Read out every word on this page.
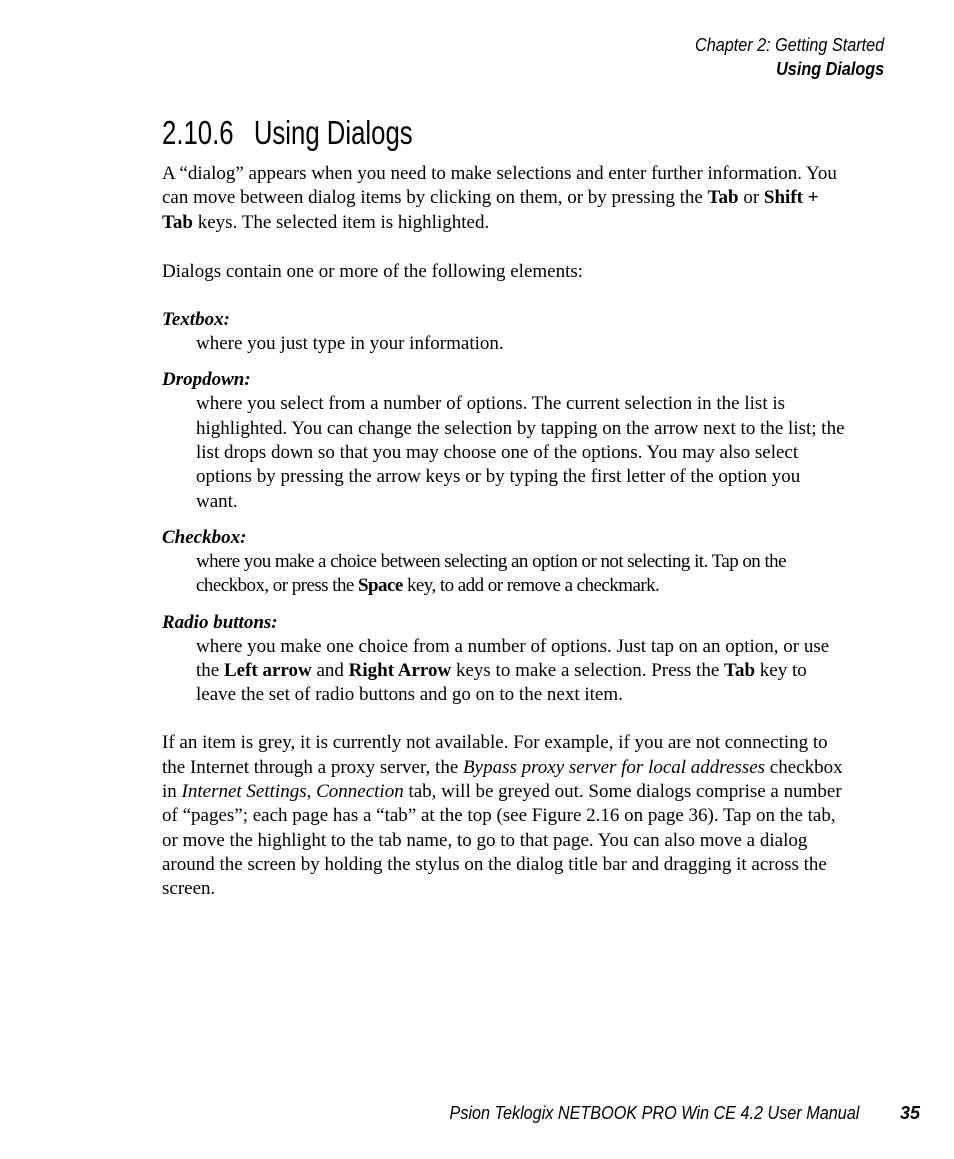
Chapter 2: Getting Started
Using Dialogs
2.10.6 Using Dialogs

A “dialog” appears when you need to make selections and enter further information. You can move between dialog items by clicking on them, or by pressing the Tab or Shift + Tab keys. The selected item is highlighted.

Dialogs contain one or more of the following elements:

Textbox:
where you just type in your information.
Dropdown:
where you select from a number of options. The current selection in the list is highlighted. You can change the selection by tapping on the arrow next to the list; the list drops down so that you may choose one of the options. You may also select options by pressing the arrow keys or by typing the first letter of the option you want.
Checkbox:
where you make a choice between selecting an option or not selecting it. Tap on the checkbox, or press the Space key, to add or remove a checkmark.
Radio buttons:
where you make one choice from a number of options. Just tap on an option, or use the Left arrow and Right Arrow keys to make a selection. Press the Tab key to leave the set of radio buttons and go on to the next item.

If an item is grey, it is currently not available. For example, if you are not connecting to the Internet through a proxy server, the Bypass proxy server for local addresses checkbox in Internet Settings, Connection tab, will be greyed out. Some dialogs comprise a number of “pages”; each page has a “tab” at the top (see Figure 2.16 on page 36). Tap on the tab, or move the highlight to the tab name, to go to that page. You can also move a dialog around the screen by holding the stylus on the dialog title bar and dragging it across the screen.

Psion Teklogix NETBOOK PRO Win CE 4.2 User Manual 35
